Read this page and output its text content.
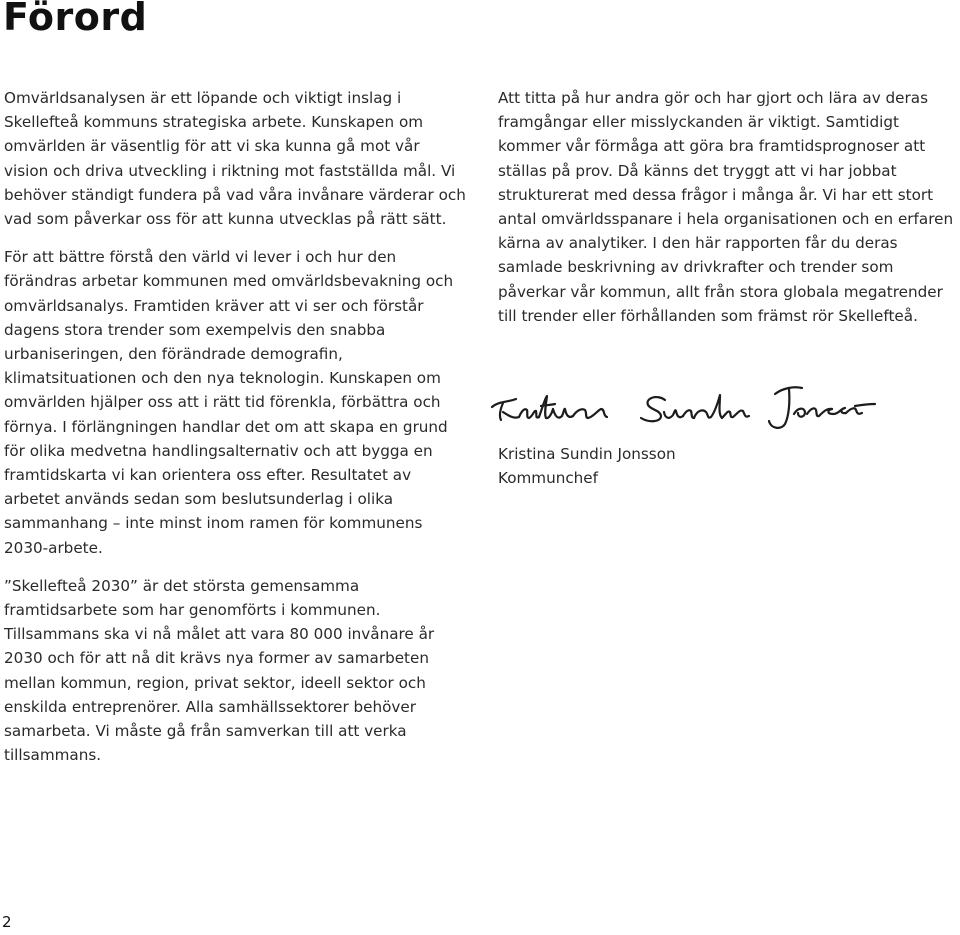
Förord

Omvärldsanalysen är ett löpande och viktigt inslag i Skellefteå kommuns strategiska arbete. Kunskapen om omvärlden är väsentlig för att vi ska kunna gå mot vår vision och driva utveckling i riktning mot fastställda mål. Vi behöver ständigt fundera på vad våra invånare värderar och vad som påverkar oss för att kunna utvecklas på rätt sätt.

För att bättre förstå den värld vi lever i och hur den förändras arbetar kommunen med omvärldsbevakning och omvärldsanalys. Framtiden kräver att vi ser och förstår dagens stora trender som exempelvis den snabba urbaniseringen, den förändrade demografin, klimatsituationen och den nya teknologin. Kunskapen om omvärlden hjälper oss att i rätt tid förenkla, förbättra och förnya. I förlängningen handlar det om att skapa en grund för olika medvetna handlingsalternativ och att bygga en framtidskarta vi kan orientera oss efter. Resultatet av arbetet används sedan som beslutsunderlag i olika sammanhang – inte minst inom ramen för kommunens 2030-arbete.

”Skellefteå 2030” är det största gemensamma framtidsarbete som har genomförts i kommunen. Tillsammans ska vi nå målet att vara 80 000 invånare år 2030 och för att nå dit krävs nya former av samarbeten mellan kommun, region, privat sektor, ideell sektor och enskilda entreprenörer. Alla samhällssektorer behöver samarbeta. Vi måste gå från samverkan till att verka tillsammans.

Att titta på hur andra gör och har gjort och lära av deras framgångar eller misslyckanden är viktigt. Samtidigt kommer vår förmåga att göra bra framtidsprognoser att ställas på prov. Då känns det tryggt att vi har jobbat strukturerat med dessa frågor i många år. Vi har ett stort antal omvärldsspanare i hela organisationen och en erfaren kärna av analytiker. I den här rapporten får du deras samlade beskrivning av drivkrafter och trender som påverkar vår kommun, allt från stora globala megatrender till trender eller förhållanden som främst rör Skellefteå.

Kristina Sundin Jonsson
Kommunchef
2
